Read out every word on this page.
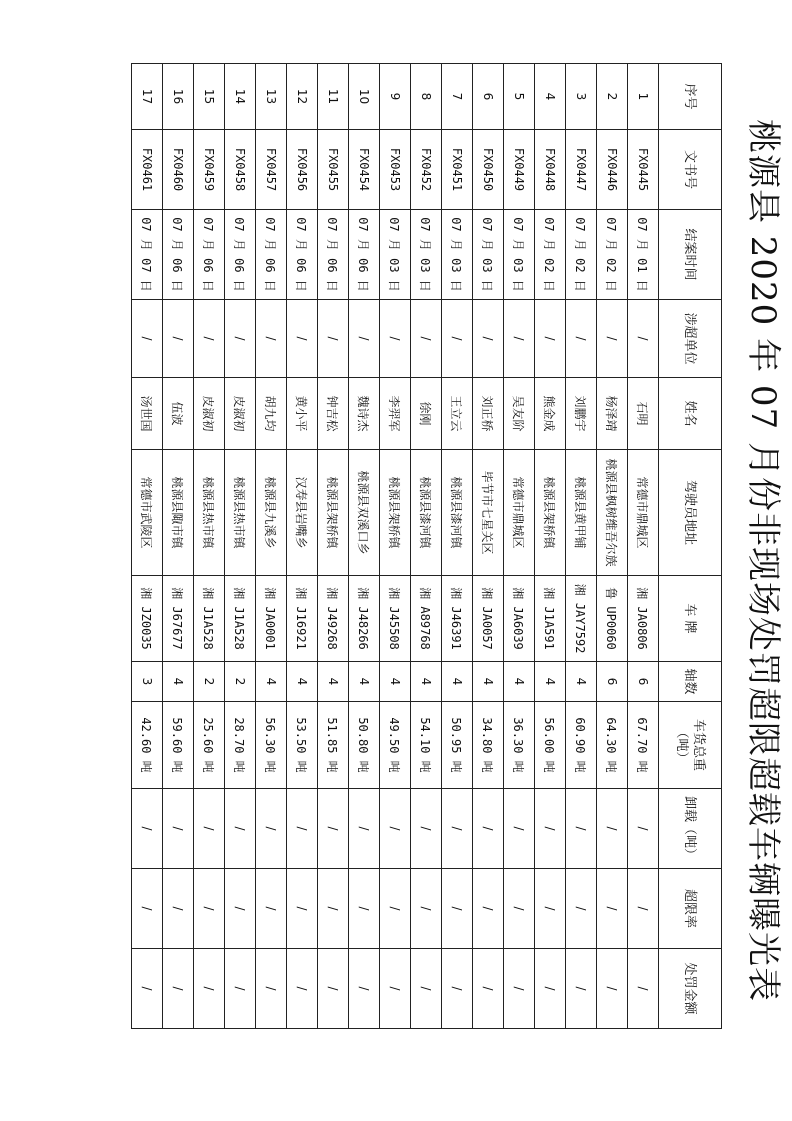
桃源县 2020 年 07 月份非现场处罚超限超载车辆曝光表
序号	文书号	结案时间	涉超单位	姓名	驾驶员地址	车 牌	轴数	车货总重（吨）	卸载（吨）	超限率	处罚金额
1	FX0445	07 月 01 日	/	石明	常德市鼎城区	湘 JA0806	6	67.70 吨	/	/	/
2	FX0446	07 月 02 日	/	杨泽靖	桃源县枫树维吾尔族	鲁 UP0060	6	64.30 吨	/	/	/
3	FX0447	07 月 02 日	/	刘鹏宇	桃源县黄甲铺	湘 JAY7592	4	60.90 吨	/	/	/
4	FX0448	07 月 02 日	/	熊金成	桃源县架桥镇	湘 J1A591	4	56.00 吨	/	/	/
5	FX0449	07 月 03 日	/	吴友阶	常德市鼎城区	湘 JA6039	4	36.30 吨	/	/	/
6	FX0450	07 月 03 日	/	刘正桥	毕节市七星关区	湘 JA0057	4	34.80 吨	/	/	/
7	FX0451	07 月 03 日	/	王立云	桃源县漆河镇	湘 J46391	4	50.95 吨	/	/	/
8	FX0452	07 月 03 日	/	徐刚	桃源县漆河镇	湘 A89768	4	54.10 吨	/	/	/
9	FX0453	07 月 03 日	/	李羿军	桃源县架桥镇	湘 J45508	4	49.50 吨	/	/	/
10	FX0454	07 月 06 日	/	魏诗杰	桃源县双溪口乡	湘 J48266	4	50.80 吨	/	/	/
11	FX0455	07 月 06 日	/	钟吉松	桃源县架桥镇	湘 J49268	4	51.85 吨	/	/	/
12	FX0456	07 月 06 日	/	黄小平	汉寿县岩嘴乡	湘 J16921	4	53.50 吨	/	/	/
13	FX0457	07 月 06 日	/	胡九均	桃源县九溪乡	湘 JA0001	4	56.30 吨	/	/	/
14	FX0458	07 月 06 日	/	皮淑初	桃源县热市镇	湘 J1A528	2	28.70 吨	/	/	/
15	FX0459	07 月 06 日	/	皮淑初	桃源县热市镇	湘 J1A528	2	25.60 吨	/	/	/
16	FX0460	07 月 06 日	/	伍波	桃源县陬市镇	湘 J67677	4	59.60 吨	/	/	/
17	FX0461	07 月 07 日	/	汤世国	常德市武陵区	湘 JZ0035	3	42.60 吨	/	/	/
